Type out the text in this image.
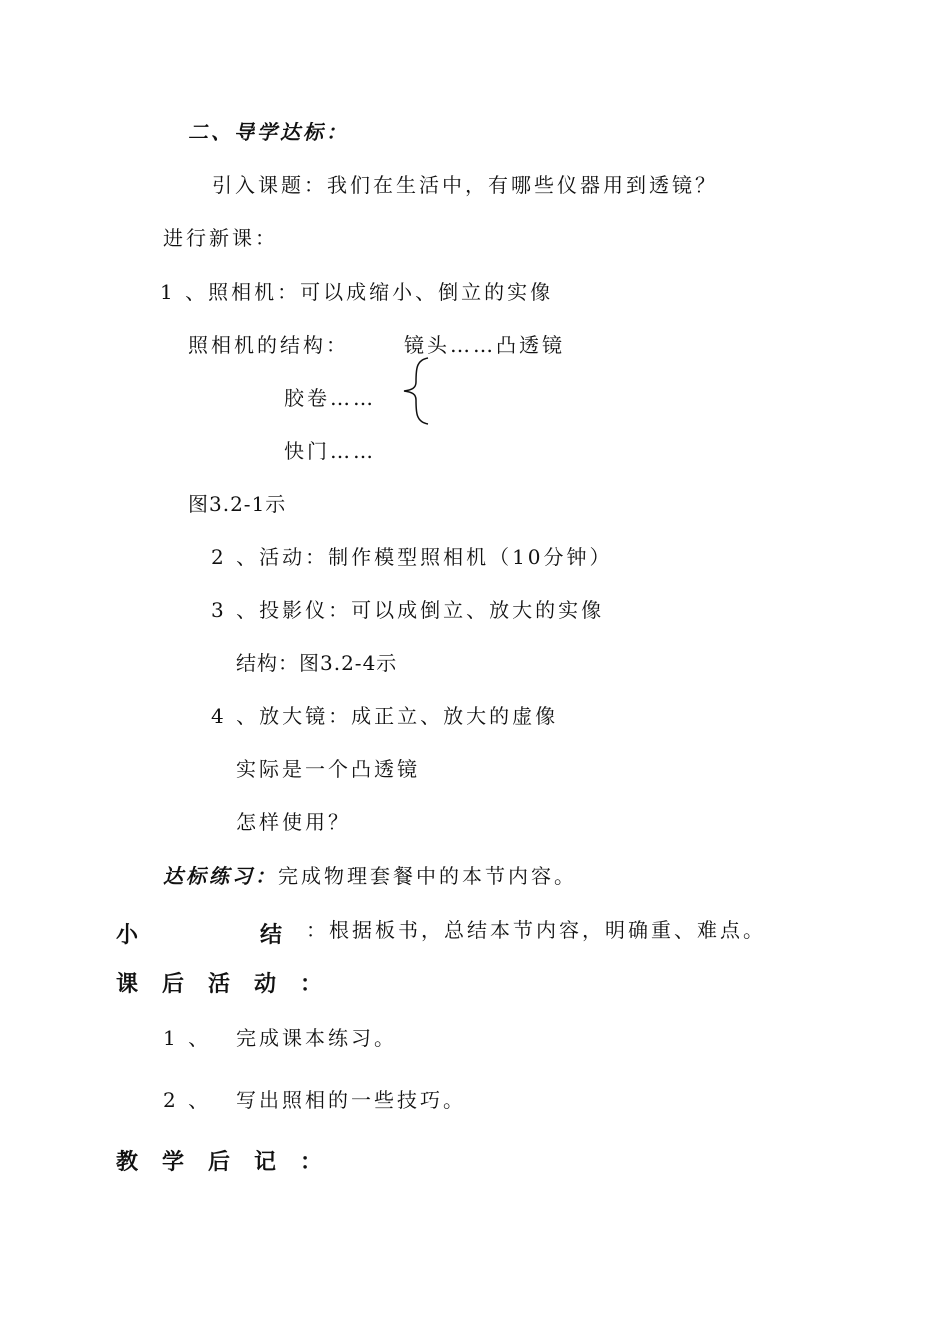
二、导学达标：
引入课题：我们在生活中，有哪些仪器用到透镜？
进行新课：
1 、照相机：可以成缩小、倒立的实像
照相机的结构：	镜头……凸透镜
胶卷……
快门……
图3.2-1示
2 、活动：制作模型照相机（10分钟）
3 、投影仪：可以成倒立、放大的实像
结构：图3.2-4示
4 、放大镜：成正立、放大的虚像
实际是一个凸透镜
怎样使用？
达标练习：完成物理套餐中的本节内容。
小	结 ：根据板书，总结本节内容，明确重、难点。
课后活动：
1 、 完成课本练习。
2 、 写出照相的一些技巧。
教学后记：
